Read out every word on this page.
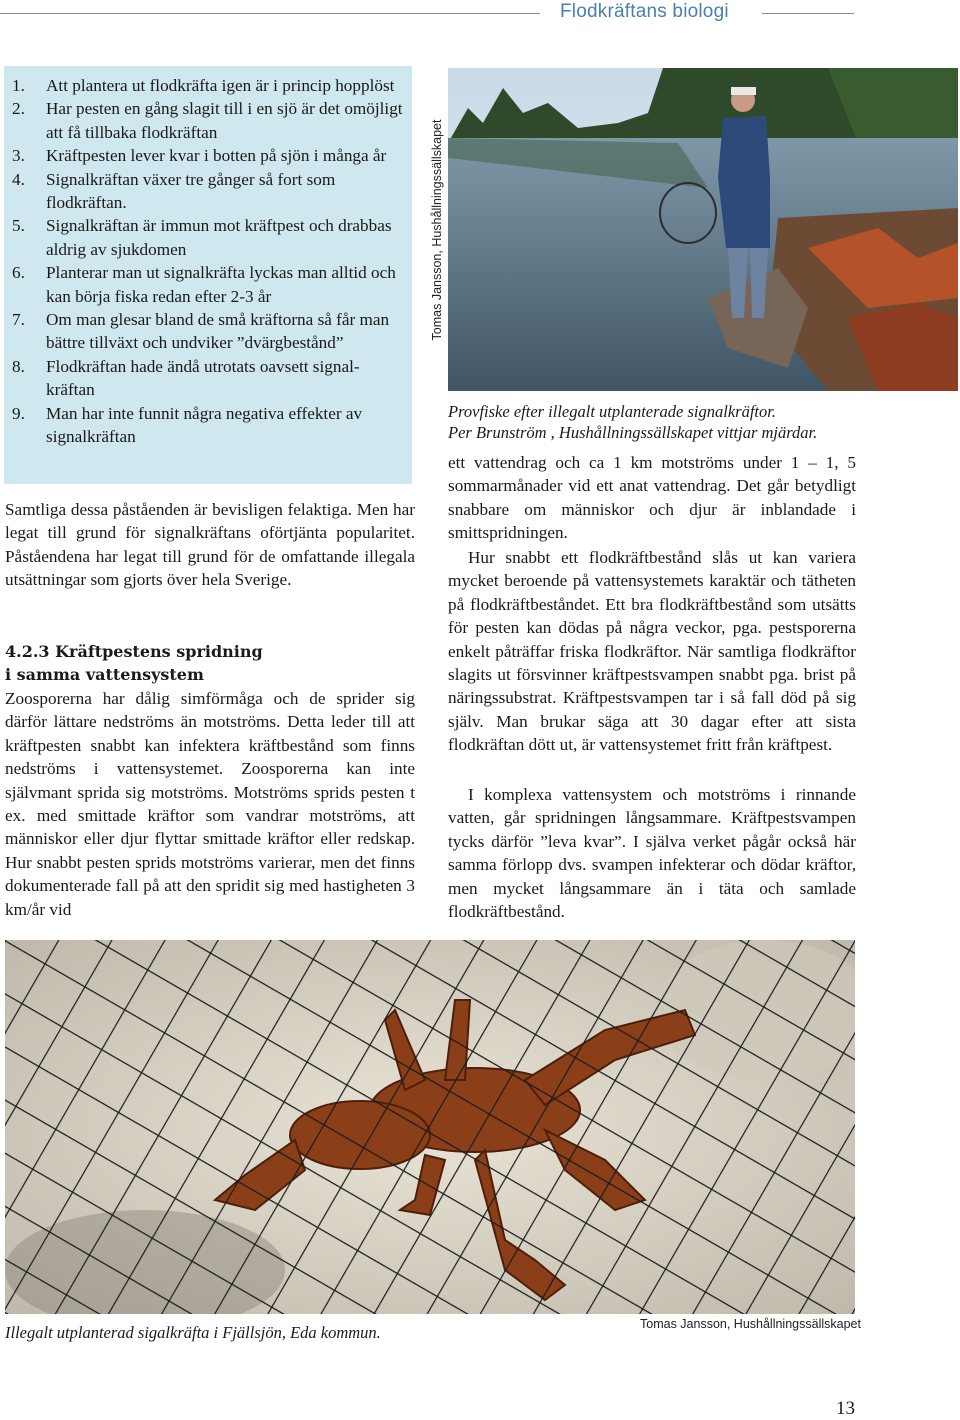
Flodkräftans biologi
1. Att plantera ut flodkräfta igen är i princip hopplöst
2. Har pesten en gång slagit till i en sjö är det omöjligt att få tillbaka flodkräftan
3. Kräftpesten lever kvar i botten på sjön i många år
4. Signalkräftan växer tre gånger så fort som flodkräftan.
5. Signalkräftan är immun mot kräftpest och drabbas aldrig av sjukdomen
6. Planterar man ut signalkräfta lyckas man alltid och kan börja fiska redan efter 2-3 år
7. Om man glesar bland de små kräftorna så får man bättre tillväxt och undviker ”dvärgbestånd”
8. Flodkräftan hade ändå utrotats oavsett signal-kräftan
9. Man har inte funnit några negativa effekter av signalkräftan

Samtliga dessa påståenden är bevisligen felaktiga. Men har legat till grund för signalkräftans oförtjänta popularitet. Påståendena har legat till grund för de omfattande illegala utsättningar som gjorts över hela Sverige.

4.2.3 Kräftpestens spridning
i samma vattensystem

Zoosporerna har dålig simförmåga och de sprider sig därför lättare nedströms än motströms. Detta leder till att kräftpesten snabbt kan infektera kräftbestånd som finns nedströms i vattensystemet. Zoosporerna kan inte självmant sprida sig motströms. Motströms sprids pesten t ex. med smittade kräftor som vandrar motströms, att människor eller djur flyttar smittade kräftor eller redskap. Hur snabbt pesten sprids motströms varierar, men det finns dokumenterade fall på att den spridit sig med hastigheten 3 km/år vid

Tomas Jansson, Hushållningssällskapet
Provfiske efter illegalt utplanterade signalkräftor.
Per Brunström , Hushållningssällskapet vittjar mjärdar.

ett vattendrag och ca 1 km motströms under 1 – 1, 5 sommarmånader vid ett anat vattendrag. Det går betydligt snabbare om människor och djur är inblandade i smittspridningen.

Hur snabbt ett flodkräftbestånd slås ut kan variera mycket beroende på vattensystemets karaktär och tätheten på flodkräftbeståndet. Ett bra flodkräftbestånd som utsätts för pesten kan dödas på några veckor, pga. pestsporerna enkelt påträffar friska flodkräftor. När samtliga flodkräftor slagits ut försvinner kräftpestsvampen snabbt pga. brist på näringssubstrat. Kräftpestsvampen tar i så fall död på sig själv. Man brukar säga att 30 dagar efter att sista flodkräftan dött ut, är vattensystemet fritt från kräftpest.

I komplexa vattensystem och motströms i rinnande vatten, går spridningen långsammare. Kräftpestsvampen tycks därför ”leva kvar”. I själva verket pågår också här samma förlopp dvs. svampen infekterar och dödar kräftor, men mycket långsammare än i täta och samlade flodkräftbestånd.

Illegalt utplanterad sigalkräfta i Fjällsjön, Eda kommun.	Tomas Jansson, Hushållningssällskapet
13
